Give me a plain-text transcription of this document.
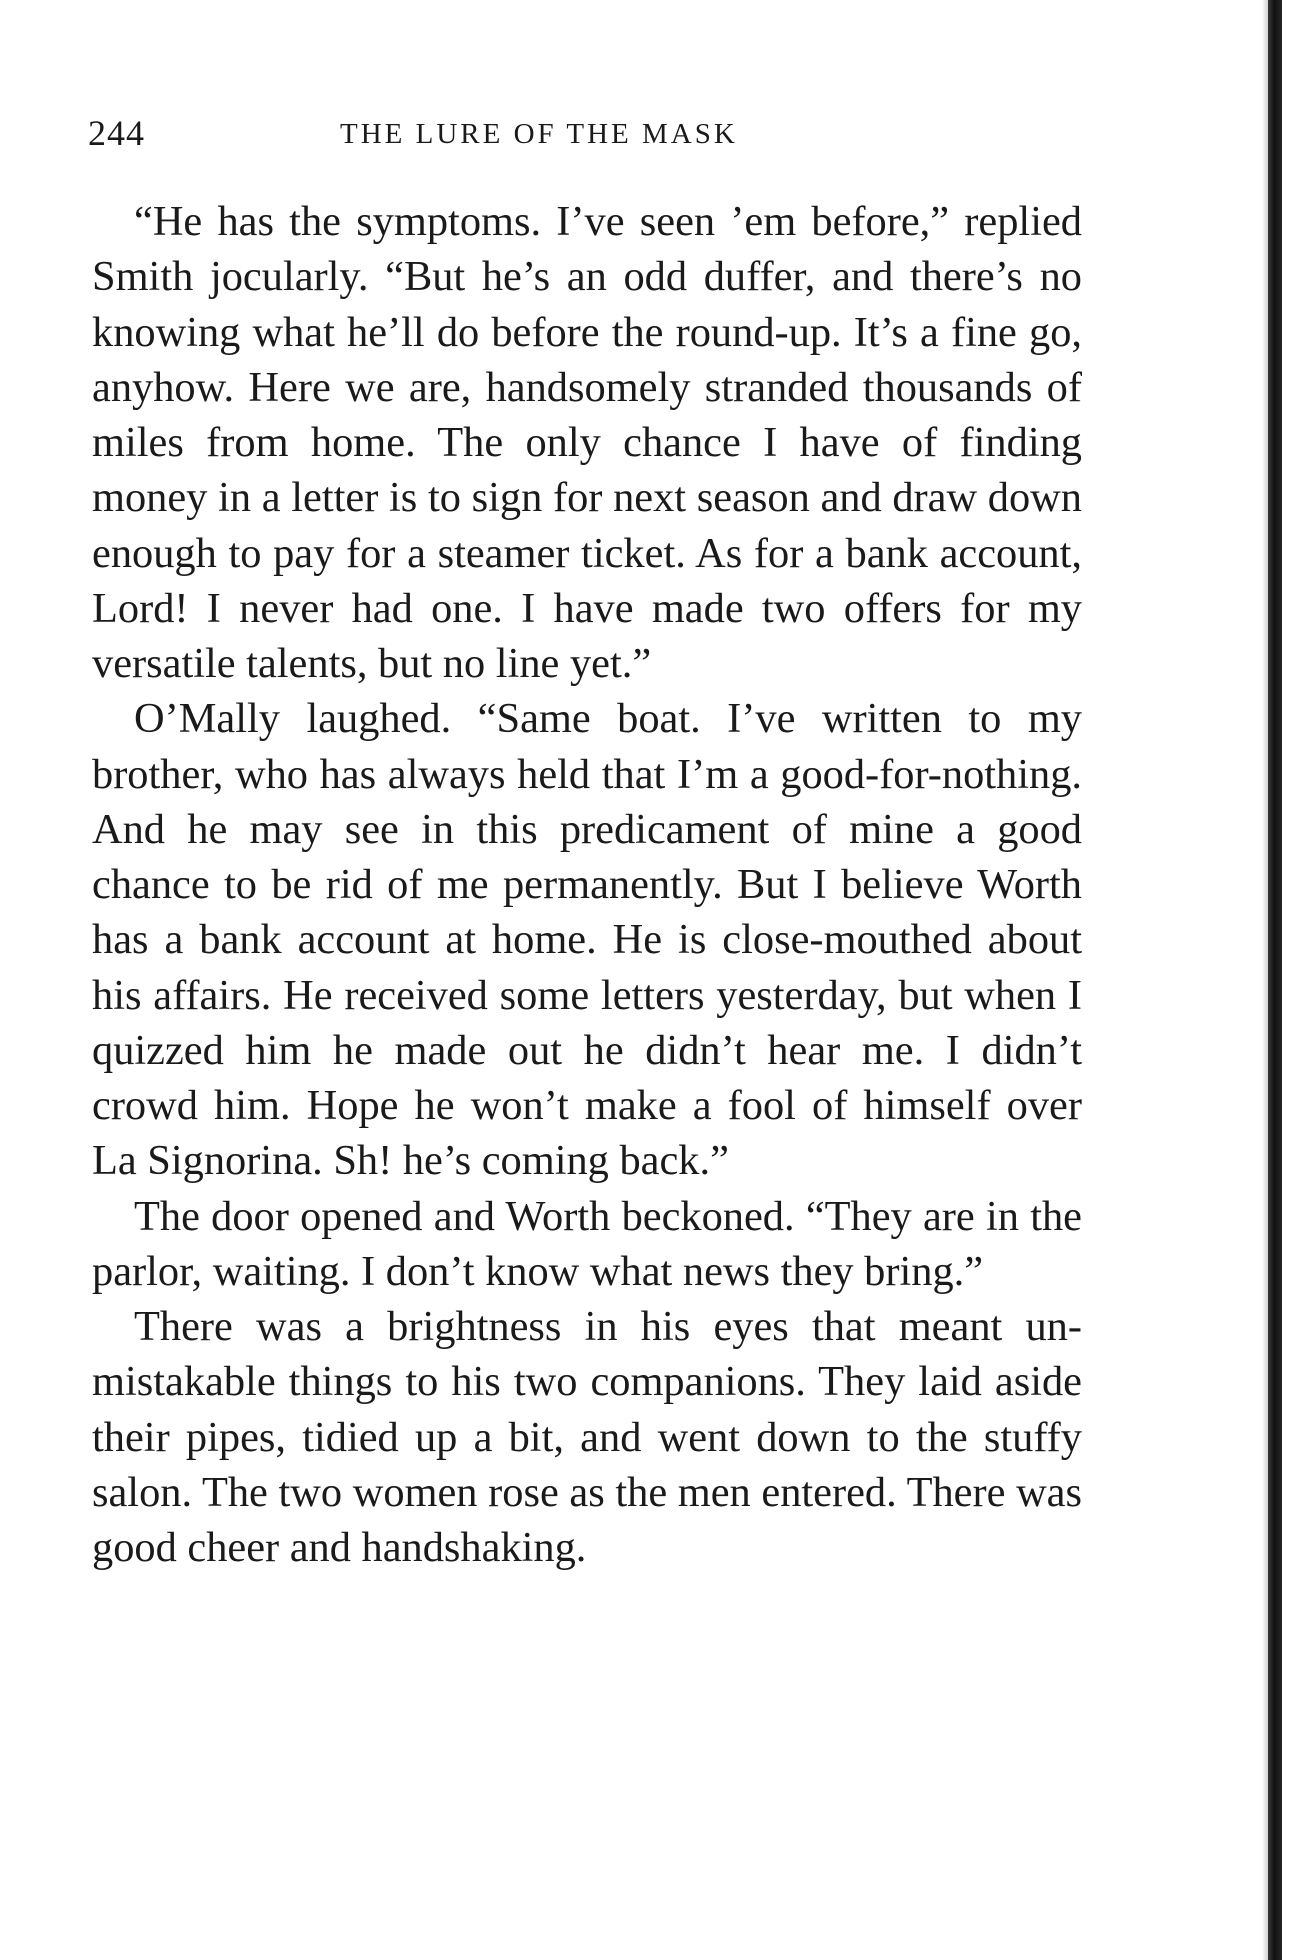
244	THE LURE OF THE MASK

“He has the symptoms. I’ve seen ’em before,” replied Smith jocularly. “But he’s an odd duffer, and there’s no knowing what he’ll do before the round-up. It’s a fine go, anyhow. Here we are, handsomely stranded thousands of miles from home. The only chance I have of finding money in a letter is to sign for next season and draw down enough to pay for a steamer ticket. As for a bank account, Lord! I never had one. I have made two offers for my versatile talents, but no line yet.”

O’Mally laughed. “Same boat. I’ve written to my brother, who has always held that I’m a good-for-nothing. And he may see in this predicament of mine a good chance to be rid of me permanently. But I believe Worth has a bank account at home. He is close-mouthed about his affairs. He received some letters yesterday, but when I quizzed him he made out he didn’t hear me. I didn’t crowd him. Hope he won’t make a fool of himself over La Signorina. Sh! he’s coming back.”

The door opened and Worth beckoned. “They are in the parlor, waiting. I don’t know what news they bring.”

There was a brightness in his eyes that meant unmistakable things to his two companions. They laid aside their pipes, tidied up a bit, and went down to the stuffy salon. The two women rose as the men entered. There was good cheer and handshaking.
